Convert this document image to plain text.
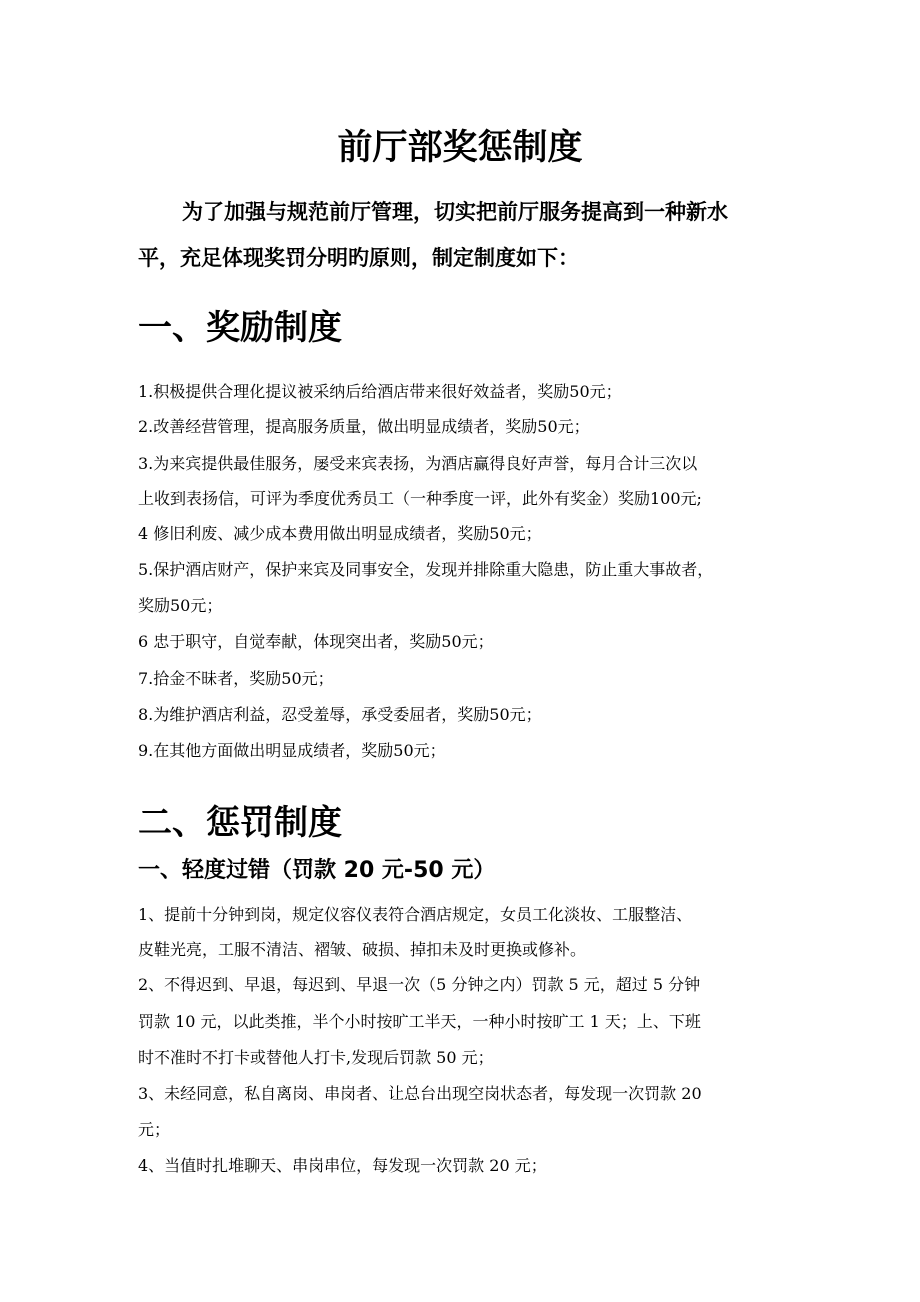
前厅部奖惩制度

为了加强与规范前厅管理，切实把前厅服务提高到一种新水

平，充足体现奖罚分明旳原则，制定制度如下：

一、奖励制度

1.积极提供合理化提议被采纳后给酒店带来很好效益者，奖励50元；

2.改善经营管理，提高服务质量，做出明显成绩者，奖励50元；

3.为来宾提供最佳服务，屡受来宾表扬，为酒店赢得良好声誉，每月合计三次以

上收到表扬信，可评为季度优秀员工（一种季度一评，此外有奖金）奖励100元;

4 修旧利废、减少成本费用做出明显成绩者，奖励50元；

5.保护酒店财产，保护来宾及同事安全，发现并排除重大隐患，防止重大事故者，

奖励50元；

6 忠于职守，自觉奉献，体现突出者，奖励50元；

7.拾金不昧者，奖励50元；

8.为维护酒店利益，忍受羞辱，承受委屈者，奖励50元；

9.在其他方面做出明显成绩者，奖励50元；

二、惩罚制度
一、轻度过错（罚款 20 元-50 元）

1、提前十分钟到岗，规定仪容仪表符合酒店规定，女员工化淡妆、工服整洁、

皮鞋光亮，工服不清洁、褶皱、破损、掉扣未及时更换或修补。

2、不得迟到、早退，每迟到、早退一次（5 分钟之内）罚款 5 元，超过 5 分钟

罚款 10 元，以此类推，半个小时按旷工半天，一种小时按旷工 1 天；上、下班

时不准时不打卡或替他人打卡,发现后罚款 50 元；

3、未经同意，私自离岗、串岗者、让总台出现空岗状态者，每发现一次罚款 20

元；

4、当值时扎堆聊天、串岗串位，每发现一次罚款 20 元；
